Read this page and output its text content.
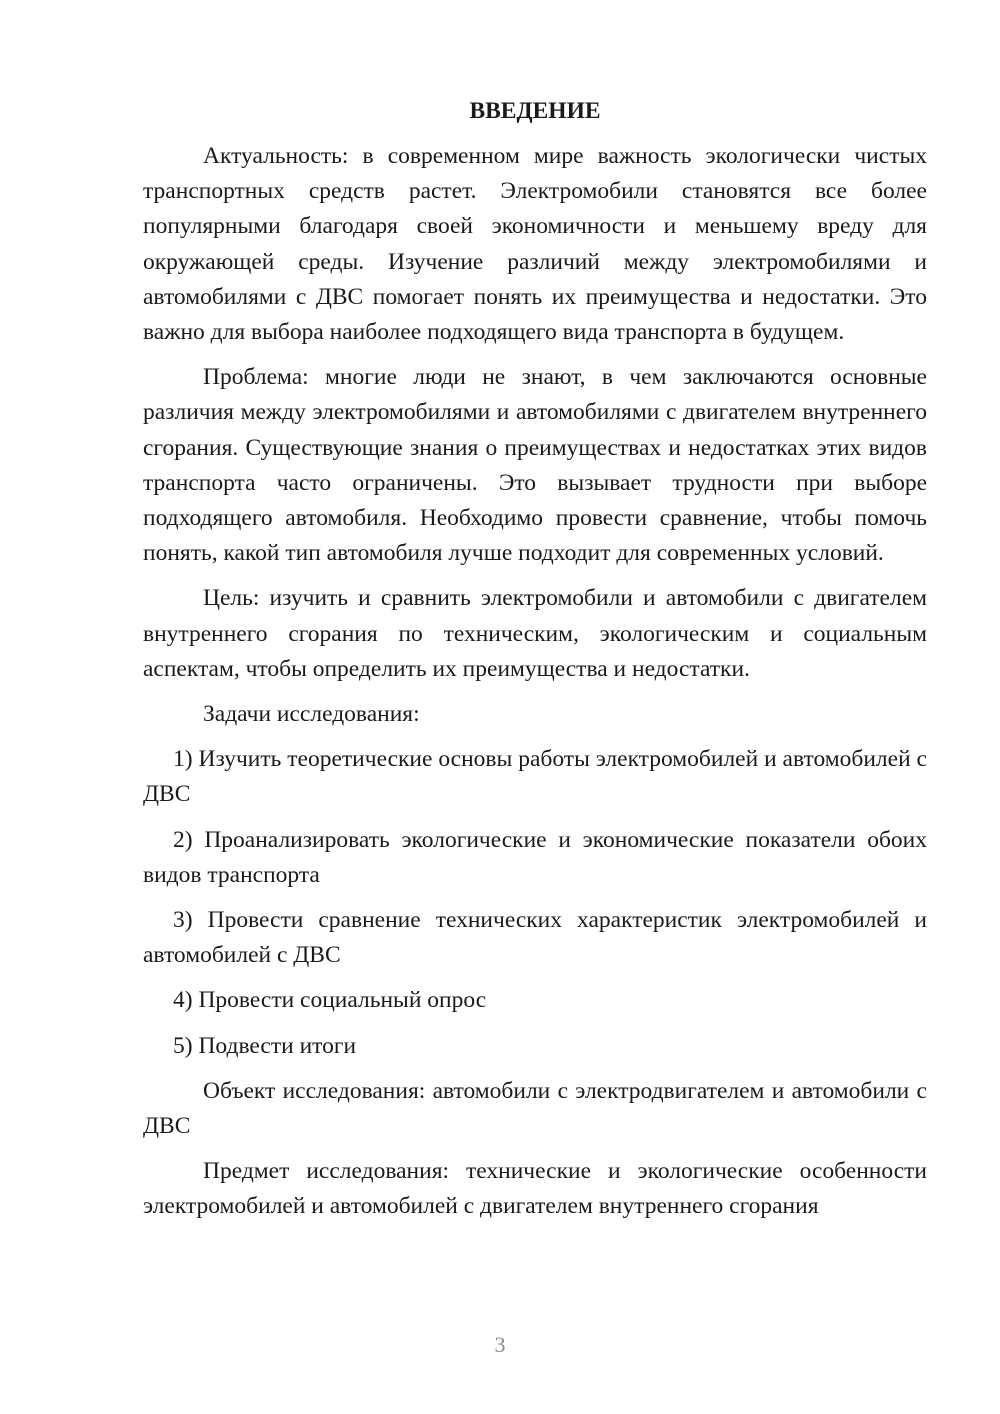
ВВЕДЕНИЕ

Актуальность: в современном мире важность экологически чистых транспортных средств растет. Электромобили становятся все более популярными благодаря своей экономичности и меньшему вреду для окружающей среды. Изучение различий между электромобилями и автомобилями с ДВС помогает понять их преимущества и недостатки. Это важно для выбора наиболее подходящего вида транспорта в будущем.

Проблема: многие люди не знают, в чем заключаются основные различия между электромобилями и автомобилями с двигателем внутреннего сгорания. Существующие знания о преимуществах и недостатках этих видов транспорта часто ограничены. Это вызывает трудности при выборе подходящего автомобиля. Необходимо провести сравнение, чтобы помочь понять, какой тип автомобиля лучше подходит для современных условий.

Цель: изучить и сравнить электромобили и автомобили с двигателем внутреннего сгорания по техническим, экологическим и социальным аспектам, чтобы определить их преимущества и недостатки.

Задачи исследования:

1) Изучить теоретические основы работы электромобилей и автомобилей с ДВС

2) Проанализировать экологические и экономические показатели обоих видов транспорта

3) Провести сравнение технических характеристик электромобилей и автомобилей с ДВС

4) Провести социальный опрос

5) Подвести итоги

Объект исследования: автомобили с электродвигателем и автомобили с ДВС

Предмет исследования: технические и экологические особенности электромобилей и автомобилей с двигателем внутреннего сгорания

3
